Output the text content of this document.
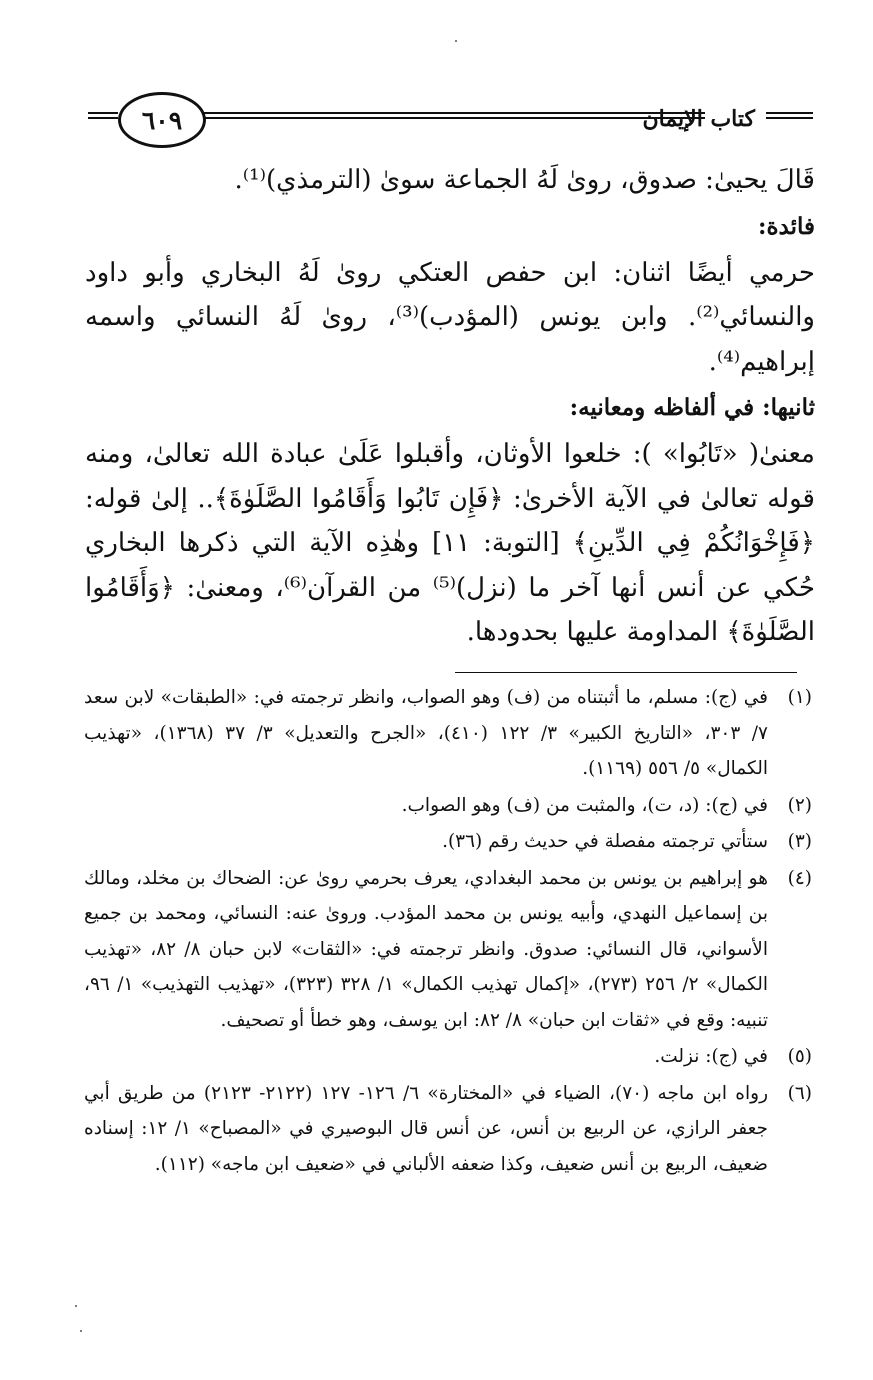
٦٠٩	كتاب الإيمان

قَالَ يحيىٰ: صدوق، روىٰ لَهُ الجماعة سوىٰ (الترمذي)⁽¹⁾.

فائدة:

حرمي أيضًا اثنان: ابن حفص العتكي روىٰ لَهُ البخاري وأبو داود والنسائي⁽²⁾. وابن يونس (المؤدب)⁽³⁾، روىٰ لَهُ النسائي واسمه إبراهيم⁽⁴⁾.

ثانيها: في ألفاظه ومعانيه:

معنىٰ( «تَابُوا» ): خلعوا الأوثان، وأقبلوا عَلَىٰ عبادة الله تعالىٰ، ومنه قوله تعالىٰ في الآية الأخرىٰ: ﴿فَإِن تَابُوا وَأَقَامُوا الصَّلَوٰةَ﴾.. إلىٰ قوله: ﴿فَإِخْوَانُكُمْ فِي الدِّينِ﴾ [التوبة: ١١] وهٰذِه الآية التي ذكرها البخاري حُكي عن أنس أنها آخر ما (نزل)⁽⁵⁾ من القرآن⁽⁶⁾، ومعنىٰ: ﴿وَأَقَامُوا الصَّلَوٰةَ﴾ المداومة عليها بحدودها.

(١)
في (ج): مسلم، ما أثبتناه من (ف) وهو الصواب، وانظر ترجمته في: «الطبقات» لابن سعد ٧/ ٣٠٣، «التاريخ الكبير» ٣/ ١٢٢ (٤١٠)، «الجرح والتعديل» ٣/ ٣٧ (١٣٦٨)، «تهذيب الكمال» ٥/ ٥٥٦ (١١٦٩).
(٢)
في (ج): (د، ت)، والمثبت من (ف) وهو الصواب.
(٣)
ستأتي ترجمته مفصلة في حديث رقم (٣٦).
(٤)
هو إبراهيم بن يونس بن محمد البغدادي، يعرف بحرمي روىٰ عن: الضحاك بن مخلد، ومالك بن إسماعيل النهدي، وأبيه يونس بن محمد المؤدب. وروىٰ عنه: النسائي، ومحمد بن جميع الأسواني، قال النسائي: صدوق. وانظر ترجمته في: «الثقات» لابن حبان ٨/ ٨٢، «تهذيب الكمال» ٢/ ٢٥٦ (٢٧٣)، «إكمال تهذيب الكمال» ١/ ٣٢٨ (٣٢٣)، «تهذيب التهذيب» ١/ ٩٦، تنبيه: وقع في «ثقات ابن حبان» ٨/ ٨٢: ابن يوسف، وهو خطأ أو تصحيف.
(٥)
في (ج): نزلت.
(٦)
رواه ابن ماجه (٧٠)، الضياء في «المختارة» ٦/ ١٢٦- ١٢٧ (٢١٢٢- ٢١٢٣) من طريق أبي جعفر الرازي، عن الربيع بن أنس، عن أنس قال البوصيري في «المصباح» ١/ ١٢: إسناده ضعيف، الربيع بن أنس ضعيف، وكذا ضعفه الألباني في «ضعيف ابن ماجه» (١١٢).
